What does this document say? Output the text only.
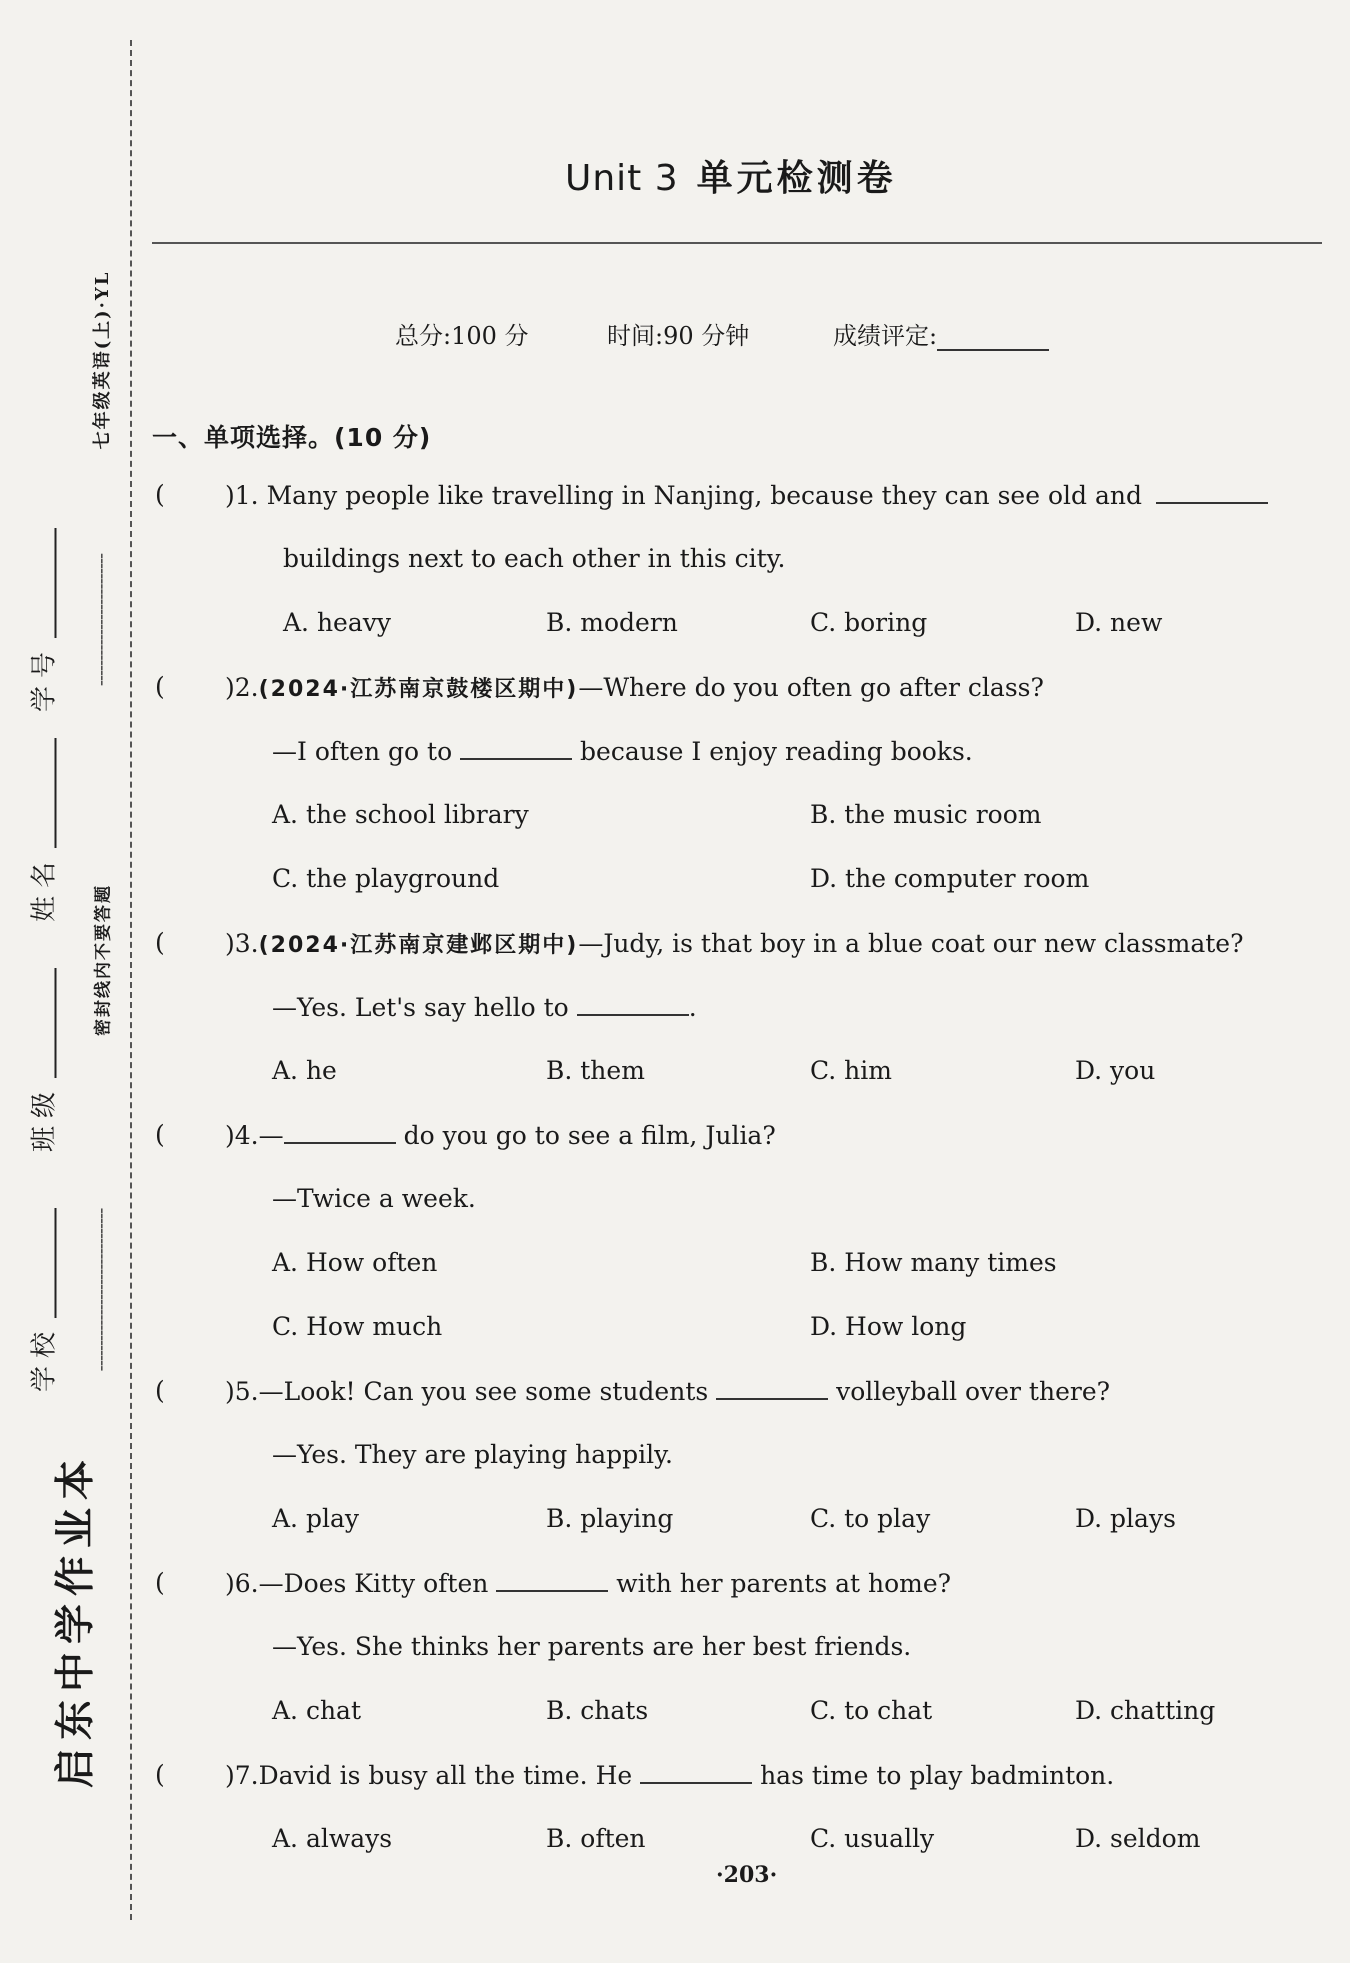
七年级英语(上)·YL
--------------------------
密封线内不要答题
--------------------------------
学校
班级
姓名
学号
启东中学作业本
Unit 3 单元检测卷
总分:100 分	时间:90 分钟	成绩评定:
一、单项选择。(10 分)
( )1. Many people like travelling in Nanjing, because they can see old and
buildings next to each other in this city.
A. heavy	B. modern	C. boring	D. new
( )2.(2024·江苏南京鼓楼区期中)—Where do you often go after class?
—I often go to	because I enjoy reading books.
A. the school library	B. the music room
C. the playground	D. the computer room
( )3.(2024·江苏南京建邺区期中)—Judy, is that boy in a blue coat our new classmate?
—Yes. Let's say hello to	.
A. he	B. them	C. him	D. you
( )4.—	do you go to see a film, Julia?
—Twice a week.
A. How often	B. How many times
C. How much	D. How long
( )5.—Look! Can you see some students	volleyball over there?
—Yes. They are playing happily.
A. play	B. playing	C. to play	D. plays
( )6.—Does Kitty often	with her parents at home?
—Yes. She thinks her parents are her best friends.
A. chat	B. chats	C. to chat	D. chatting
( )7.David is busy all the time. He	has time to play badminton.
A. always	B. often	C. usually	D. seldom
·203·
